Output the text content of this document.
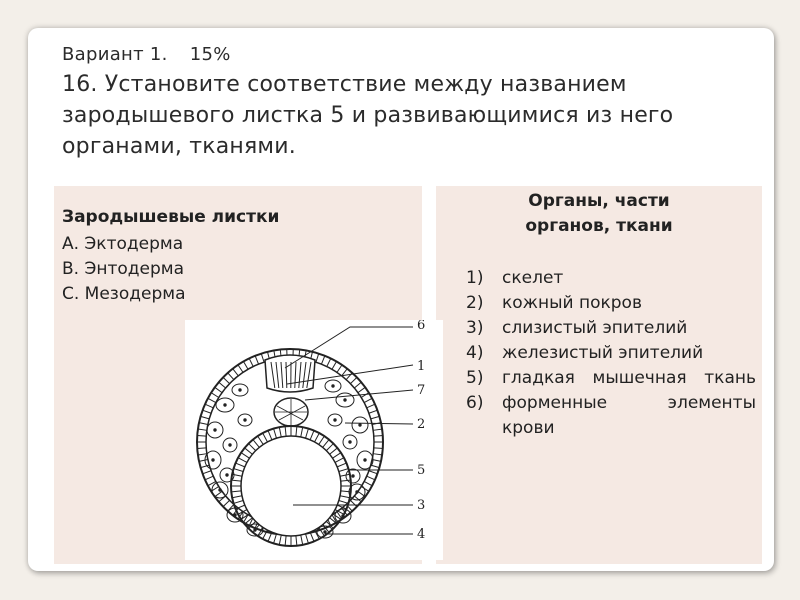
Вариант 1. 15%

16. Установите соответствие между названием зародышевого листка 5 и развивающимися из него органами, тканями.

Зародышевые листки
А. Эктодерма
В. Энтодерма
С. Мезодерма
Органы, части
органов, ткани
1)	скелет
2)	кожный покров
3)	слизистый эпителий
4)	железистый эпителий
5)	гладкая мышечная ткань
6)	форменные элементы крови
6
1
7
2
5
3
4
